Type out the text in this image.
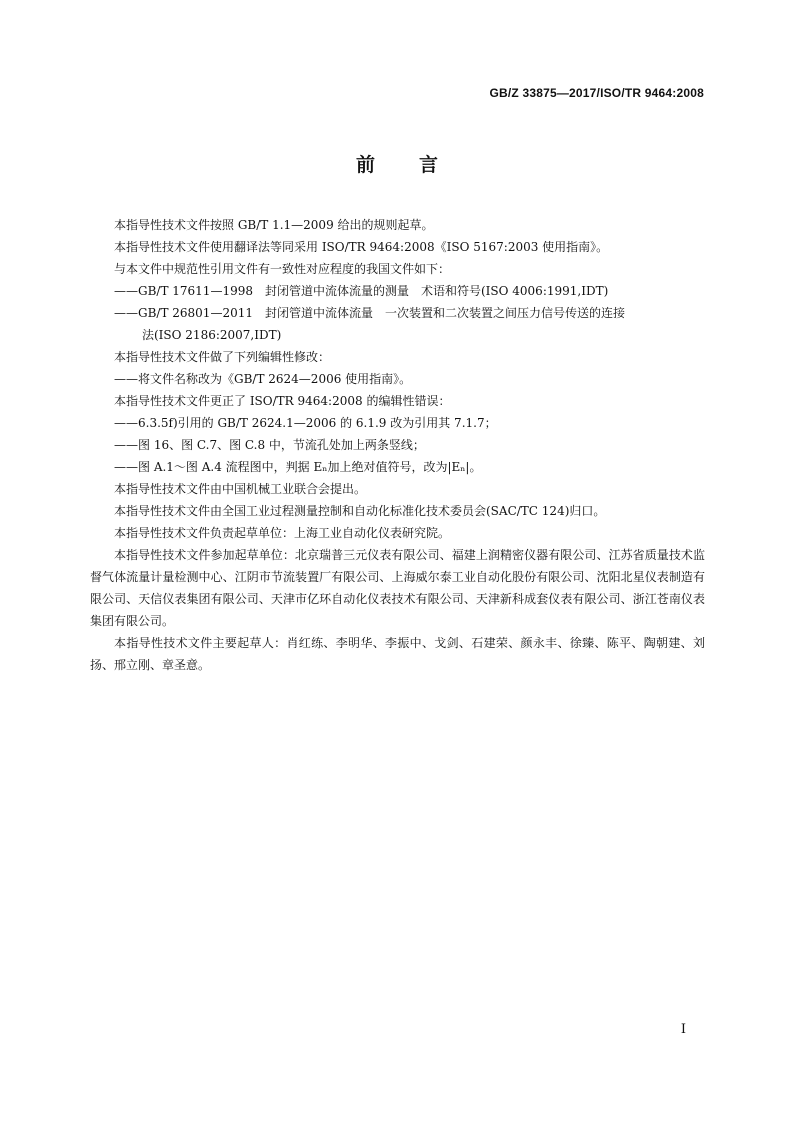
GB/Z 33875—2017/ISO/TR 9464:2008
前言

本指导性技术文件按照 GB/T 1.1—2009 给出的规则起草。

本指导性技术文件使用翻译法等同采用 ISO/TR 9464:2008《ISO 5167:2003 使用指南》。

与本文件中规范性引用文件有一致性对应程度的我国文件如下：

——GB/T 17611—1998　封闭管道中流体流量的测量　术语和符号(ISO 4006:1991,IDT)

——GB/T 26801—2011　封闭管道中流体流量　一次装置和二次装置之间压力信号传送的连接

法(ISO 2186:2007,IDT)

本指导性技术文件做了下列编辑性修改：

——将文件名称改为《GB/T 2624—2006 使用指南》。

本指导性技术文件更正了 ISO/TR 9464:2008 的编辑性错误：

——6.3.5f)引用的 GB/T 2624.1—2006 的 6.1.9 改为引用其 7.1.7；

——图 16、图 C.7、图 C.8 中，节流孔处加上两条竖线；

——图 A.1～图 A.4 流程图中，判据 Eₙ加上绝对值符号，改为|Eₙ|。

本指导性技术文件由中国机械工业联合会提出。

本指导性技术文件由全国工业过程测量控制和自动化标准化技术委员会(SAC/TC 124)归口。

本指导性技术文件负责起草单位：上海工业自动化仪表研究院。

本指导性技术文件参加起草单位：北京瑞普三元仪表有限公司、福建上润精密仪器有限公司、江苏省质量技术监督气体流量计量检测中心、江阴市节流装置厂有限公司、上海威尔泰工业自动化股份有限公司、沈阳北星仪表制造有限公司、天信仪表集团有限公司、天津市亿环自动化仪表技术有限公司、天津新科成套仪表有限公司、浙江苍南仪表集团有限公司。

本指导性技术文件主要起草人：肖红练、李明华、李振中、戈剑、石建荣、颜永丰、徐臻、陈平、陶朝建、刘扬、邢立刚、章圣意。

I
